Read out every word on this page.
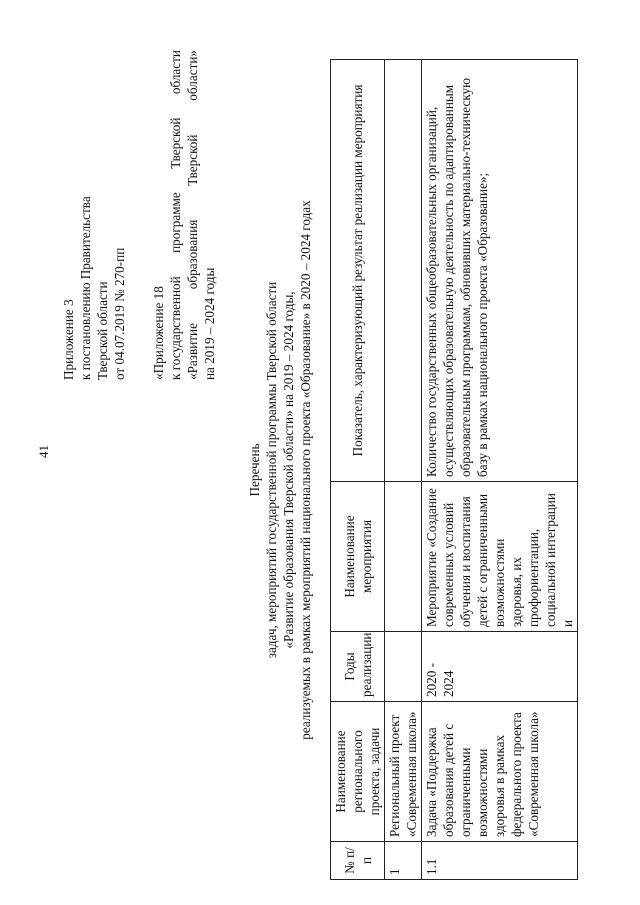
41
Приложение 3 к постановлению Правительства Тверской области от 04.07.2019 № 270-пп «Приложение 18 к государственной
программе
Тверской
области
«Развитие
образования
Тверской
области»
на 2019 – 2024 годы
Перечень задач, мероприятий государственной программы Тверской области «Развитие образования Тверской области» на 2019 – 2024 годы, реализуемых в рамках мероприятий национального проекта «Образование» в 2020 – 2024 годах
№ п/п	Наименование регионального проекта, задачи	Годы реализации	Наименование мероприятия	Показатель, характеризующий результат реализации мероприятия
1	Региональный проект «Современная школа»			
1.1	Задача «Поддержка образования детей с ограниченными возможностями здоровья в рамках федерального проекта «Современная школа»	2020 - 2024	Мероприятие «Создание современных условий обучения и воспитания детей с ограниченными возможностями здоровья, их профориентации, социальной интеграции и	Количество государственных общеобразовательных организаций, осуществляющих образовательную деятельность по адаптированным образовательным программам, обновивших материально-техническую базу в рамках национального проекта «Образование»;
